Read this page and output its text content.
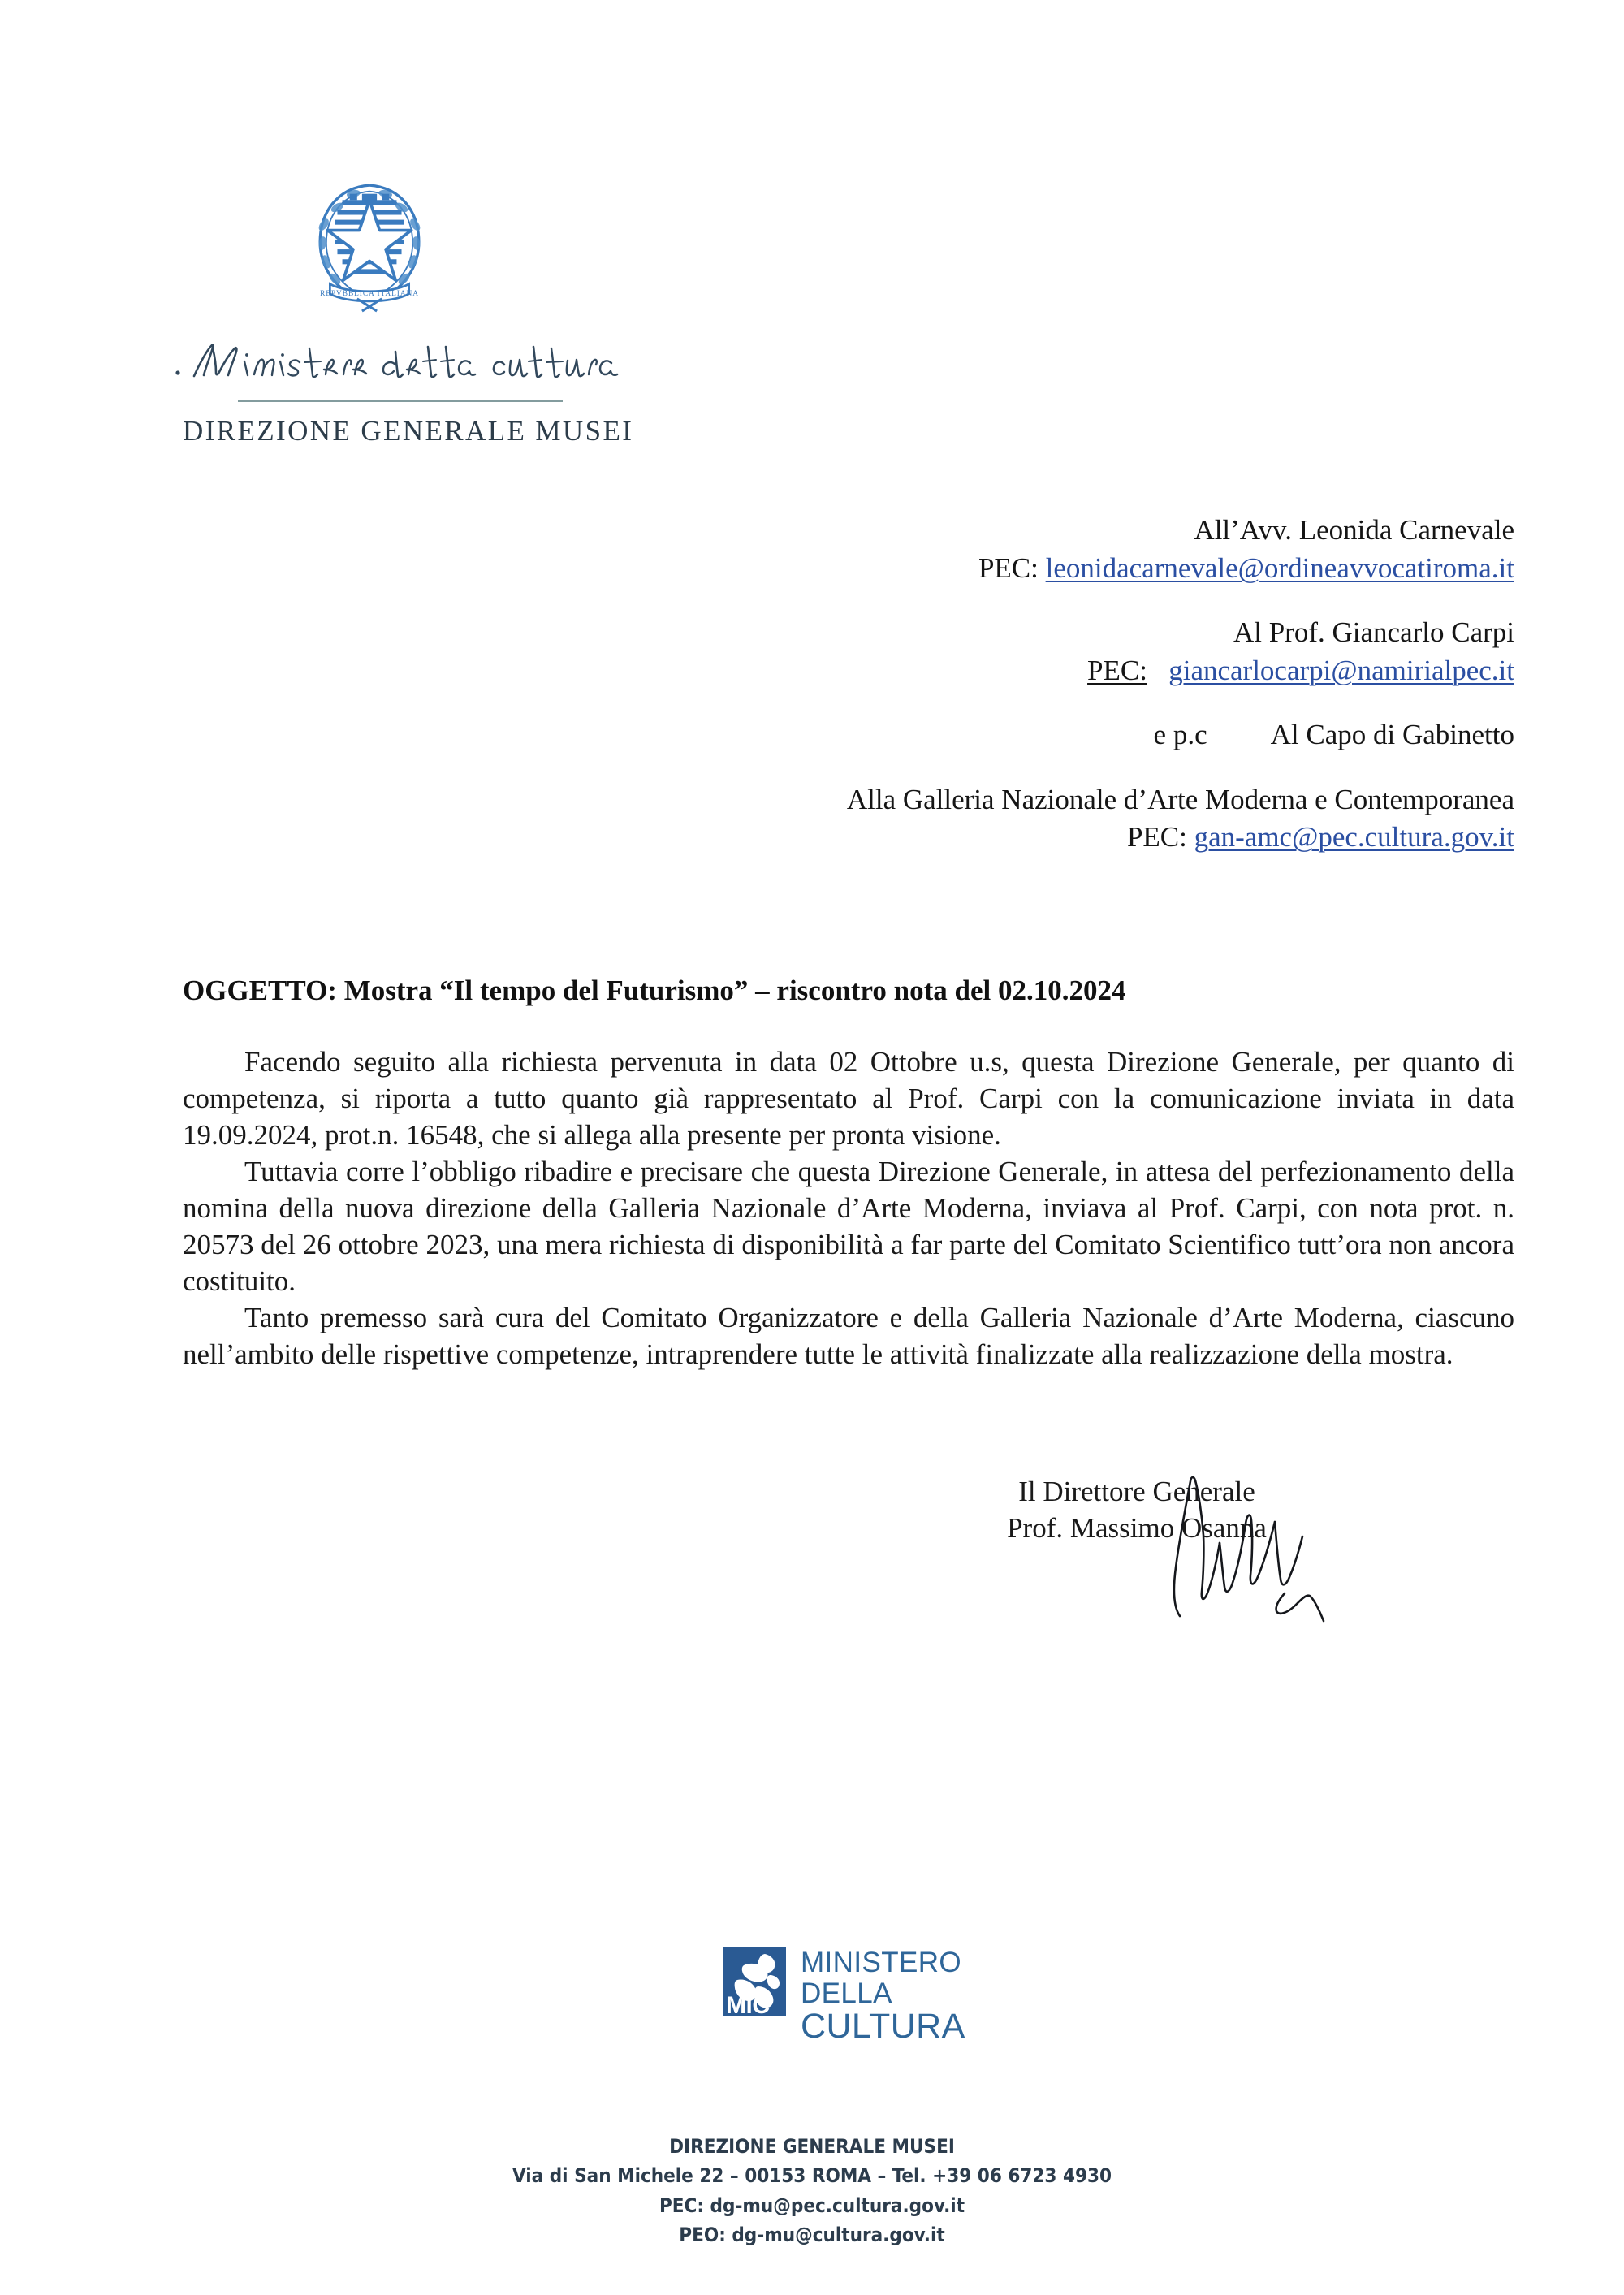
REPVBBLICA ITALIANA
DIREZIONE GENERALE MUSEI
All’Avv. Leonida Carnevale
PEC: leonidacarnevale@ordineavvocatiroma.it
Al Prof. Giancarlo Carpi
PEC: giancarlocarpi@namirialpec.it
e p.c Al Capo di Gabinetto
Alla Galleria Nazionale d’Arte Moderna e Contemporanea
PEC: gan-amc@pec.cultura.gov.it
OGGETTO: Mostra “Il tempo del Futurismo” – riscontro nota del 02.10.2024

Facendo seguito alla richiesta pervenuta in data 02 Ottobre u.s, questa Direzione Generale, per quanto di competenza, si riporta a tutto quanto già rappresentato al Prof. Carpi con la comunicazione inviata in data 19.09.2024, prot.n. 16548, che si allega alla presente per pronta visione.

Tuttavia corre l’obbligo ribadire e precisare che questa Direzione Generale, in attesa del perfezionamento della nomina della nuova direzione della Galleria Nazionale d’Arte Moderna, inviava al Prof. Carpi, con nota prot. n. 20573 del 26 ottobre 2023, una mera richiesta di disponibilità a far parte del Comitato Scientifico tutt’ora non ancora costituito.

Tanto premesso sarà cura del Comitato Organizzatore e della Galleria Nazionale d’Arte Moderna, ciascuno nell’ambito delle rispettive competenze, intraprendere tutte le attività finalizzate alla realizzazione della mostra.

Il Direttore Generale
Prof. Massimo Osanna
MiC
MINISTERO
DELLA
CULTURA
DIREZIONE GENERALE MUSEI
Via di San Michele 22 – 00153 ROMA – Tel. +39 06 6723 4930
PEC: dg-mu@pec.cultura.gov.it
PEO: dg-mu@cultura.gov.it
